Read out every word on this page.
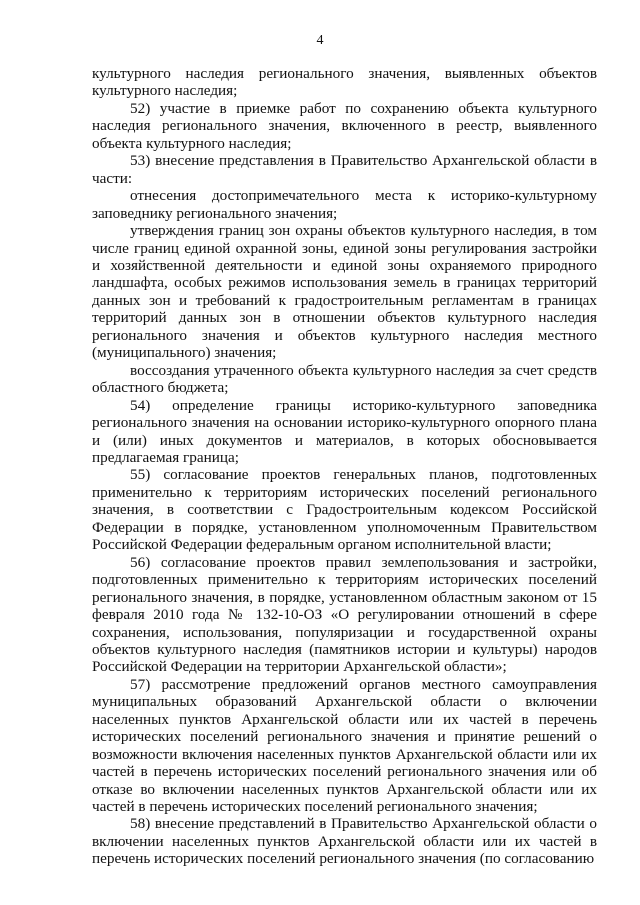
4

культурного наследия регионального значения, выявленных объектов культурного наследия;

52) участие в приемке работ по сохранению объекта культурного наследия регионального значения, включенного в реестр, выявленного объекта культурного наследия;

53) внесение представления в Правительство Архангельской области в части:

отнесения достопримечательного места к историко-культурному заповеднику регионального значения;

утверждения границ зон охраны объектов культурного наследия, в том числе границ единой охранной зоны, единой зоны регулирования застройки и хозяйственной деятельности и единой зоны охраняемого природного ландшафта, особых режимов использования земель в границах территорий данных зон и требований к градостроительным регламентам в границах территорий данных зон в отношении объектов культурного наследия регионального значения и объектов культурного наследия местного (муниципального) значения;

воссоздания утраченного объекта культурного наследия за счет средств областного бюджета;

54) определение границы историко-культурного заповедника регионального значения на основании историко-культурного опорного плана и (или) иных документов и материалов, в которых обосновывается предлагаемая граница;

55) согласование проектов генеральных планов, подготовленных применительно к территориям исторических поселений регионального значения, в соответствии с Градостроительным кодексом Российской Федерации в порядке, установленном уполномоченным Правительством Российской Федерации федеральным органом исполнительной власти;

56) согласование проектов правил землепользования и застройки, подготовленных применительно к территориям исторических поселений регионального значения, в порядке, установленном областным законом от 15 февраля 2010 года № 132-10-ОЗ «О регулировании отношений в сфере сохранения, использования, популяризации и государственной охраны объектов культурного наследия (памятников истории и культуры) народов Российской Федерации на территории Архангельской области»;

57) рассмотрение предложений органов местного самоуправления муниципальных образований Архангельской области о включении населенных пунктов Архангельской области или их частей в перечень исторических поселений регионального значения и принятие решений о возможности включения населенных пунктов Архангельской области или их частей в перечень исторических поселений регионального значения или об отказе во включении населенных пунктов Архангельской области или их частей в перечень исторических поселений регионального значения;

58) внесение представлений в Правительство Архангельской области о включении населенных пунктов Архангельской области или их частей в перечень исторических поселений регионального значения (по согласованию
